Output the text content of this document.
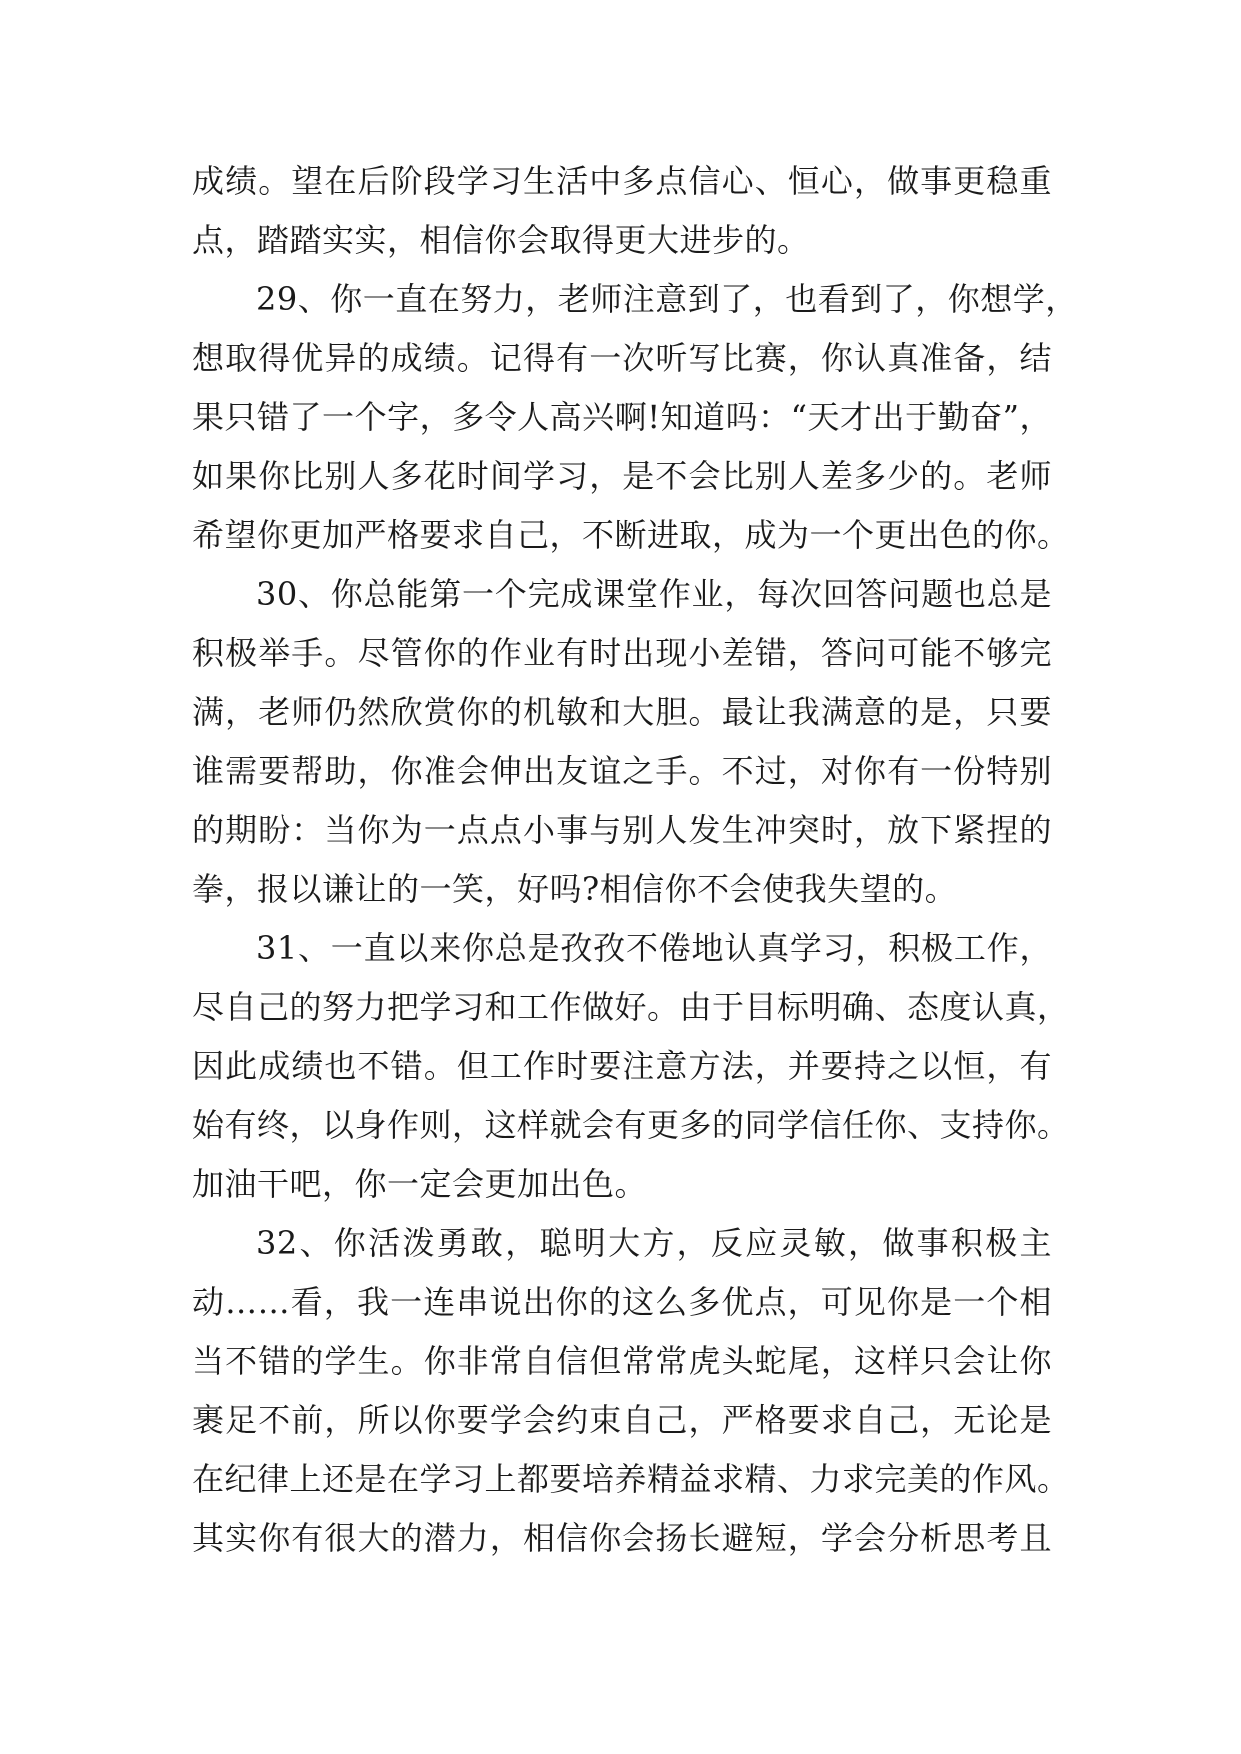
成绩。望在后阶段学习生活中多点信心、恒心，做事更稳重
点，踏踏实实，相信你会取得更大进步的。
29、你一直在努力，老师注意到了，也看到了，你想学，
想取得优异的成绩。记得有一次听写比赛，你认真准备，结
果只错了一个字，多令人高兴啊!知道吗：“天才出于勤奋”，
如果你比别人多花时间学习，是不会比别人差多少的。老师
希望你更加严格要求自己，不断进取，成为一个更出色的你。
30、你总能第一个完成课堂作业，每次回答问题也总是
积极举手。尽管你的作业有时出现小差错，答问可能不够完
满，老师仍然欣赏你的机敏和大胆。最让我满意的是，只要
谁需要帮助，你准会伸出友谊之手。不过，对你有一份特别
的期盼：当你为一点点小事与别人发生冲突时，放下紧捏的
拳，报以谦让的一笑，好吗?相信你不会使我失望的。
31、一直以来你总是孜孜不倦地认真学习，积极工作，
尽自己的努力把学习和工作做好。由于目标明确、态度认真，
因此成绩也不错。但工作时要注意方法，并要持之以恒，有
始有终，以身作则，这样就会有更多的同学信任你、支持你。
加油干吧，你一定会更加出色。
32、你活泼勇敢，聪明大方，反应灵敏，做事积极主
动……看，我一连串说出你的这么多优点，可见你是一个相
当不错的学生。你非常自信但常常虎头蛇尾，这样只会让你
裹足不前，所以你要学会约束自己，严格要求自己，无论是
在纪律上还是在学习上都要培养精益求精、力求完美的作风。
其实你有很大的潜力，相信你会扬长避短，学会分析思考且
